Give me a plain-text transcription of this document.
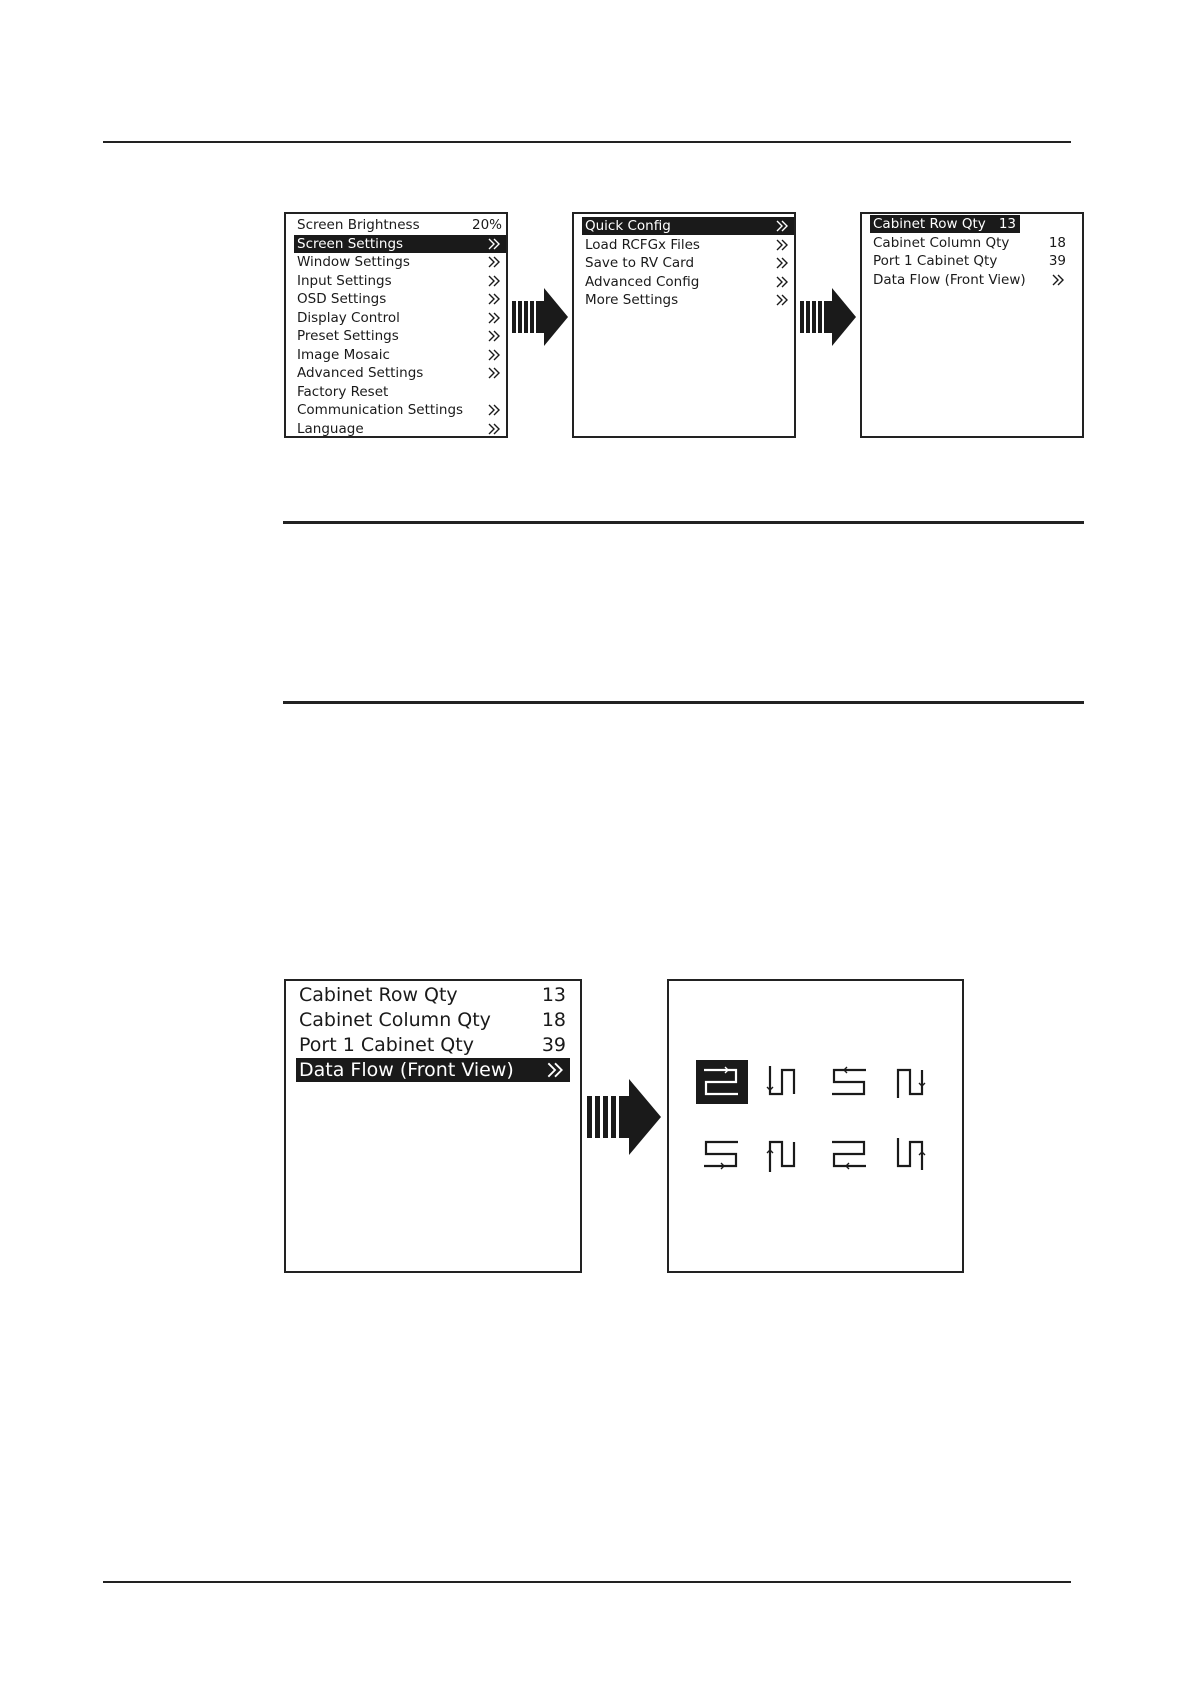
Screen Brightness	20%
Screen Settings
Window Settings
Input Settings
OSD Settings
Display Control
Preset Settings
Image Mosaic
Advanced Settings
Factory Reset
Communication Settings
Language
Quick Config
Load RCFGx Files
Save to RV Card
Advanced Config
More Settings
Cabinet Row Qty 13
Cabinet Column Qty	18
Port 1 Cabinet Qty	39
Data Flow (Front View)
Cabinet Row Qty	13
Cabinet Column Qty	18
Port 1 Cabinet Qty	39
Data Flow (Front View)
